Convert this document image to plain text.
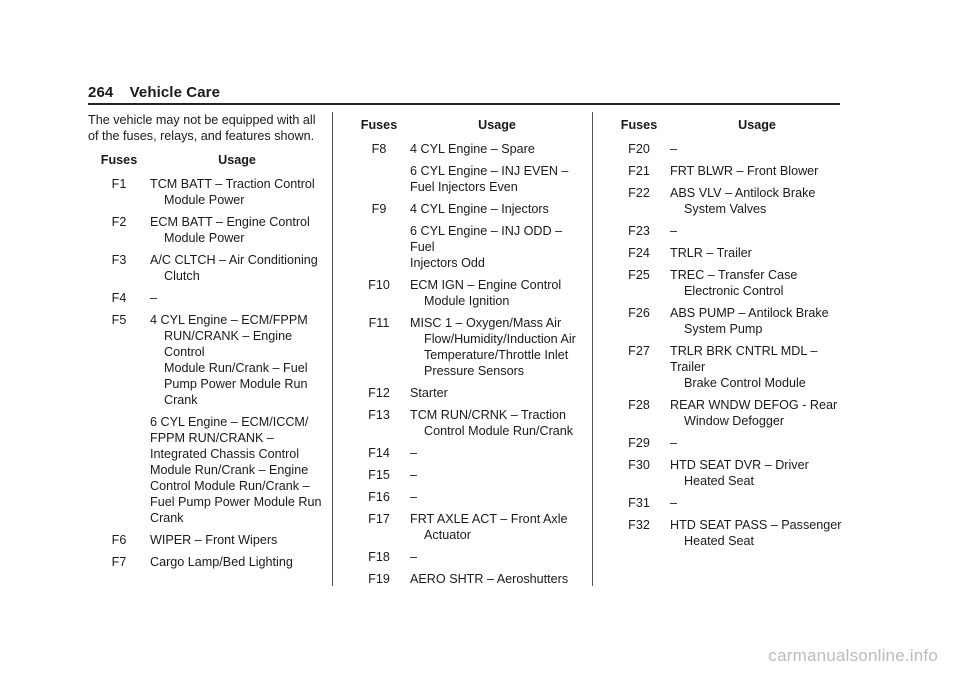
264 Vehicle Care
The vehicle may not be equipped with all of the fuses, relays, and features shown.
Fuses	Usage
F1	TCM BATT – Traction Control
Module Power
F2	ECM BATT – Engine Control
Module Power
F3	A/C CLTCH – Air Conditioning
Clutch
F4	–
F5	4 CYL Engine – ECM/FPPM
RUN/CRANK – Engine Control
Module Run/Crank – Fuel
Pump Power Module Run
Crank
6 CYL Engine – ECM/ICCM/
FPPM RUN/CRANK –
Integrated Chassis Control
Module Run/Crank – Engine
Control Module Run/Crank –
Fuel Pump Power Module Run
Crank
F6	WIPER – Front Wipers
F7	Cargo Lamp/Bed Lighting
Fuses	Usage
F8	4 CYL Engine – Spare
6 CYL Engine – INJ EVEN –
Fuel Injectors Even
F9	4 CYL Engine – Injectors
6 CYL Engine – INJ ODD – Fuel
Injectors Odd
F10	ECM IGN – Engine Control
Module Ignition
F11	MISC 1 – Oxygen/Mass Air
Flow/Humidity/Induction Air
Temperature/Throttle Inlet
Pressure Sensors
F12	Starter
F13	TCM RUN/CRNK – Traction
Control Module Run/Crank
F14	–
F15	–
F16	–
F17	FRT AXLE ACT – Front Axle
Actuator
F18	–
F19	AERO SHTR – Aeroshutters
Fuses	Usage
F20	–
F21	FRT BLWR – Front Blower
F22	ABS VLV – Antilock Brake
System Valves
F23	–
F24	TRLR – Trailer
F25	TREC – Transfer Case
Electronic Control
F26	ABS PUMP – Antilock Brake
System Pump
F27	TRLR BRK CNTRL MDL – Trailer
Brake Control Module
F28	REAR WNDW DEFOG - Rear
Window Defogger
F29	–
F30	HTD SEAT DVR – Driver
Heated Seat
F31	–
F32	HTD SEAT PASS – Passenger
Heated Seat
carmanualsonline.info
